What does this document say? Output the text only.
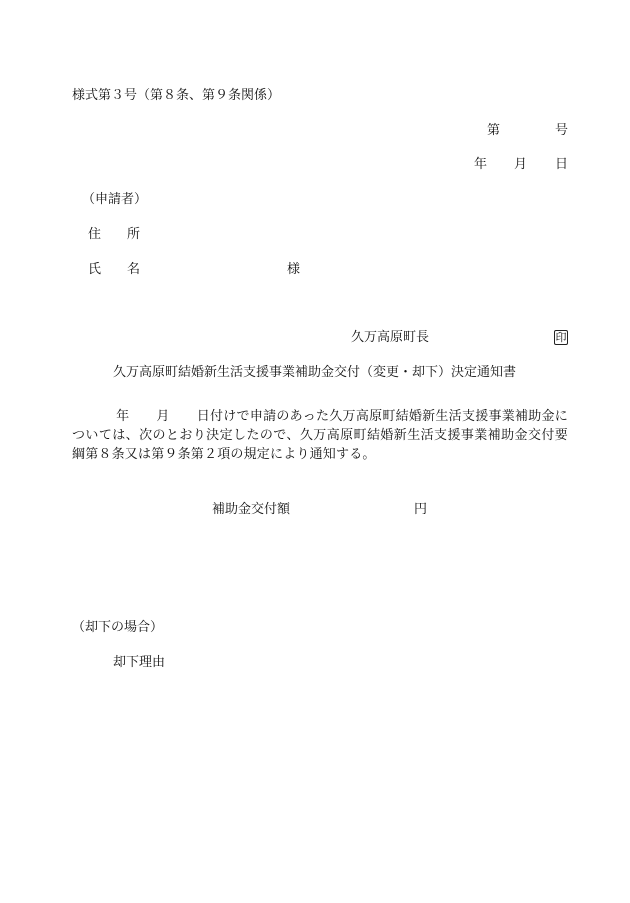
様式第３号（第８条、第９条関係）
第	号
年 月 日
（申請者）
住 所
氏 名	様
久万高原町長	印
久万高原町結婚新生活支援事業補助金交付（変更・却下）決定通知書
年 月 日付けで申請のあった久万高原町結婚新生活支援事業補助金については、次のとおり決定したので、久万高原町結婚新生活支援事業補助金交付要綱第８条又は第９条第２項の規定により通知する。
補助金交付額	円
（却下の場合）
却下理由
